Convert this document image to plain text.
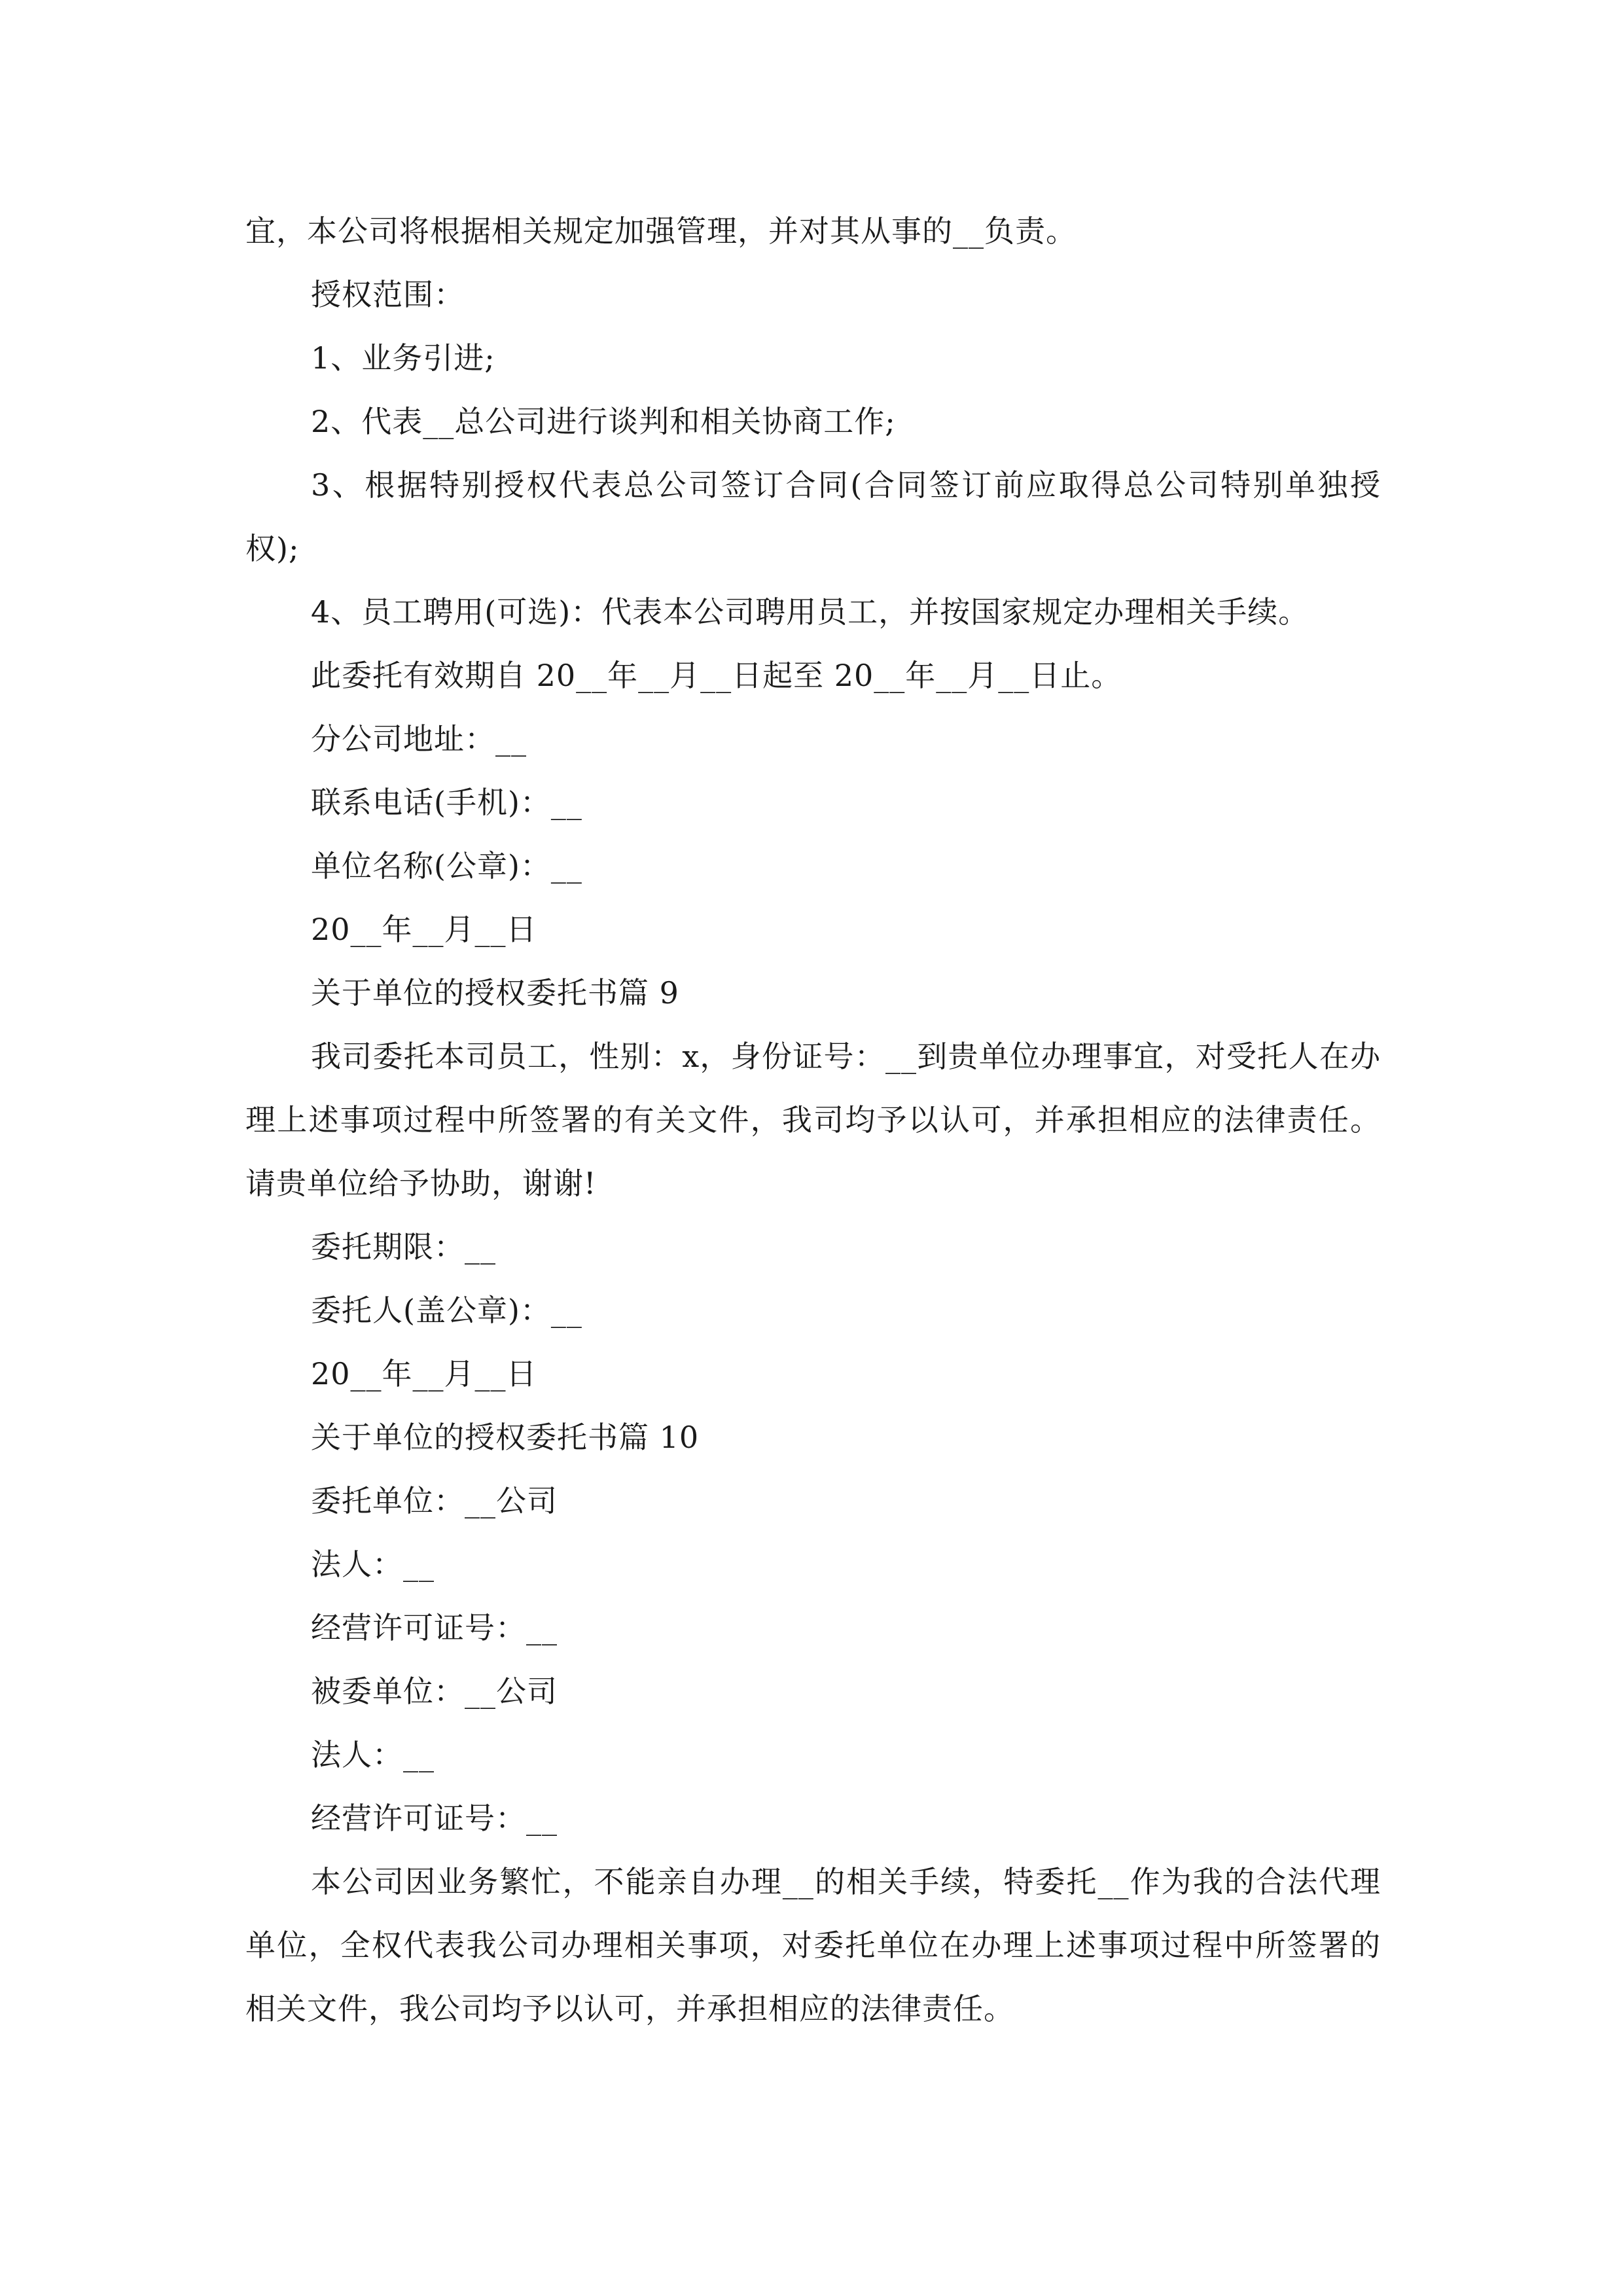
宜，本公司将根据相关规定加强管理，并对其从事的__负责。

授权范围：

1、业务引进;

2、代表__总公司进行谈判和相关协商工作;

3、根据特别授权代表总公司签订合同(合同签订前应取得总公司特别单独授权);

4、员工聘用(可选)：代表本公司聘用员工，并按国家规定办理相关手续。

此委托有效期自 20__年__月__日起至 20__年__月__日止。

分公司地址：__

联系电话(手机)：__

单位名称(公章)：__

20__年__月__日

关于单位的授权委托书篇 9

我司委托本司员工，性别：x，身份证号：__到贵单位办理事宜，对受托人在办理上述事项过程中所签署的有关文件，我司均予以认可，并承担相应的法律责任。请贵单位给予协助，谢谢!

委托期限：__

委托人(盖公章)：__

20__年__月__日

关于单位的授权委托书篇 10

委托单位：__公司

法人：__

经营许可证号：__

被委单位：__公司

法人：__

经营许可证号：__

本公司因业务繁忙，不能亲自办理__的相关手续，特委托__作为我的合法代理单位，全权代表我公司办理相关事项，对委托单位在办理上述事项过程中所签署的相关文件，我公司均予以认可，并承担相应的法律责任。
